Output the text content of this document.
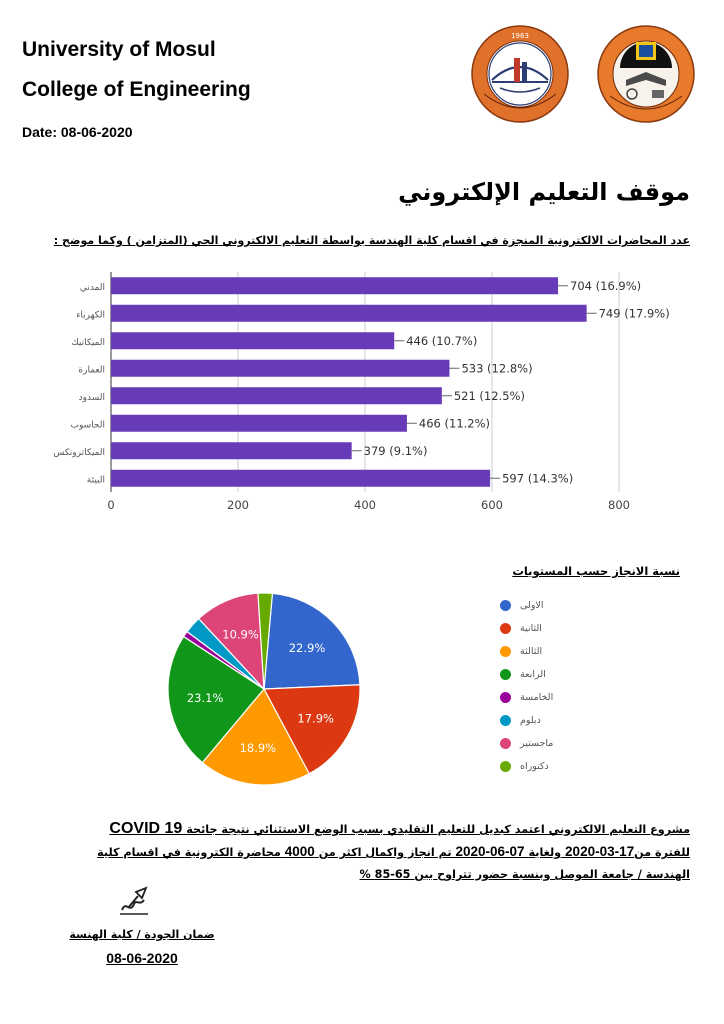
University of Mosul
College of Engineering
Date: 08-06-2020
1963
موقف التعليم الإلكتروني
عدد المحاضرات الالكترونية المنجزة في اقسام كلية الهندسة بواسطة التعليم الالكتروني الحي (المتزامن ) وكما موضح :
المدني
الكهرباء
الميكانيك
العمارة
السدود
الحاسوب
الميكاترونكس
البيئة
704 (16.9%)
749 (17.9%)
446 (10.7%)
533 (12.8%)
521 (12.5%)
466 (11.2%)
379 (9.1%)
597 (14.3%)
0	200	400	600	800
نسبة الانجاز حسب المستويات
22.9%
17.9%
18.9%
23.1%
10.9%
الاولى
الثانية
الثالثة
الرابعة
الخامسة
دبلوم
ماجستير
دكتوراه

مشروع التعليم الالكتروني اعتمد كبديل للتعليم التقليدي بسبب الوضع الاستثنائي نتيجة جائحة COVID 19

للفترة من17-03-2020 ولغاية 07-06-2020 تم انجاز واكمال اكثر من 4000 محاضرة الكترونية في اقسام كلية

الهندسة / جامعة الموصل وبنسبة حضور تتراوح بين 65-85 %

ضمان الجودة / كلية الهنسة
08-06-2020
